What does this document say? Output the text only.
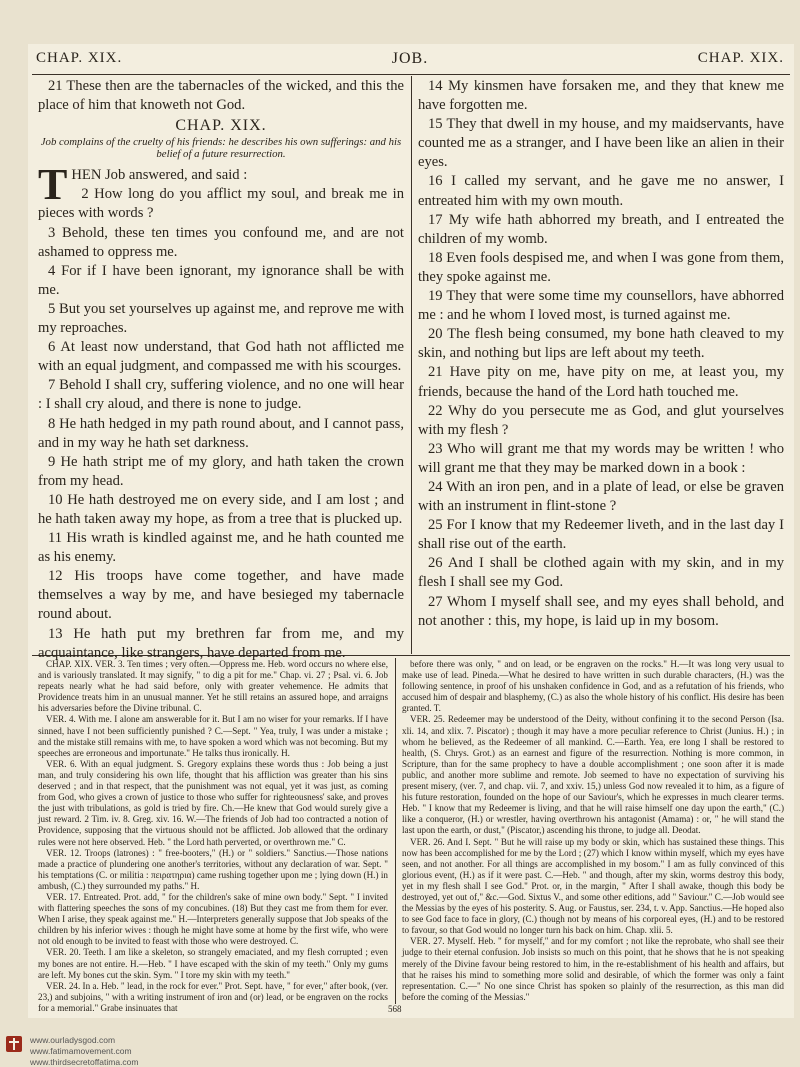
CHAP. XIX.	JOB.	CHAP. XIX.

21 These then are the tabernacles of the wicked, and this the place of him that knoweth not God.

CHAP. XIX.
Job complains of the cruelty of his friends: he describes his own sufferings: and his belief of a future resurrection.

THEN Job answered, and said :

2 How long do you afflict my soul, and break me in pieces with words ?

3 Behold, these ten times you confound me, and are not ashamed to oppress me.

4 For if I have been ignorant, my ignorance shall be with me.

5 But you set yourselves up against me, and reprove me with my reproaches.

6 At least now understand, that God hath not afflicted me with an equal judgment, and compassed me with his scourges.

7 Behold I shall cry, suffering violence, and no one will hear : I shall cry aloud, and there is none to judge.

8 He hath hedged in my path round about, and I cannot pass, and in my way he hath set darkness.

9 He hath stript me of my glory, and hath taken the crown from my head.

10 He hath destroyed me on every side, and I am lost ; and he hath taken away my hope, as from a tree that is plucked up.

11 His wrath is kindled against me, and he hath counted me as his enemy.

12 His troops have come together, and have made themselves a way by me, and have besieged my tabernacle round about.

13 He hath put my brethren far from me, and my acquaintance, like strangers, have departed from me.

14 My kinsmen have forsaken me, and they that knew me have forgotten me.

15 They that dwell in my house, and my maidservants, have counted me as a stranger, and I have been like an alien in their eyes.

16 I called my servant, and he gave me no answer, I entreated him with my own mouth.

17 My wife hath abhorred my breath, and I entreated the children of my womb.

18 Even fools despised me, and when I was gone from them, they spoke against me.

19 They that were some time my counsellors, have abhorred me : and he whom I loved most, is turned against me.

20 The flesh being consumed, my bone hath cleaved to my skin, and nothing but lips are left about my teeth.

21 Have pity on me, have pity on me, at least you, my friends, because the hand of the Lord hath touched me.

22 Why do you persecute me as God, and glut yourselves with my flesh ?

23 Who will grant me that my words may be written ! who will grant me that they may be marked down in a book :

24 With an iron pen, and in a plate of lead, or else be graven with an instrument in flint-stone ?

25 For I know that my Redeemer liveth, and in the last day I shall rise out of the earth.

26 And I shall be clothed again with my skin, and in my flesh I shall see my God.

27 Whom I myself shall see, and my eyes shall behold, and not another : this, my hope, is laid up in my bosom.

CHAP. XIX. VER. 3. Ten times ; very often.—Oppress me. Heb. word occurs no where else, and is variously translated. It may signify, " to dig a pit for me." Chap. vi. 27 ; Psal. vi. 6. Job repeats nearly what he had said before, only with greater vehemence. He admits that Providence treats him in an unusual manner. Yet he still retains an assured hope, and arraigns his adversaries before the Divine tribunal. C.

VER. 4. With me. I alone am answerable for it. But I am no wiser for your remarks. If I have sinned, have I not been sufficiently punished ? C.—Sept. " Yea, truly, I was under a mistake ; and the mistake still remains with me, to have spoken a word which was not becoming. But my speeches are erroneous and importunate." He talks thus ironically. H.

VER. 6. With an equal judgment. S. Gregory explains these words thus : Job being a just man, and truly considering his own life, thought that his affliction was greater than his sins deserved ; and in that respect, that the punishment was not equal, yet it was just, as coming from God, who gives a crown of justice to those who suffer for righteousness' sake, and proves the just with tribulations, as gold is tried by fire. Ch.—He knew that God would surely give a just reward. 2 Tim. iv. 8. Greg. xiv. 16. W.—The friends of Job had too contracted a notion of Providence, supposing that the virtuous should not be afflicted. Job allowed that the ordinary rules were not here observed. Heb. " the Lord hath perverted, or overthrown me." C.

VER. 12. Troops (latrones) : " free-booters," (H.) or " soldiers." Sanctius.—Those nations made a practice of plundering one another's territories, without any declaration of war. Sept. " his temptations (C. or militia : πειρατηρια) came rushing together upon me ; lying down (H.) in ambush, (C.) they surrounded my paths." H.

VER. 17. Entreated. Prot. add, " for the children's sake of mine own body." Sept. " I invited with flattering speeches the sons of my concubines. (18) But they cast me from them for ever. When I arise, they speak against me." H.—Interpreters generally suppose that Job speaks of the children by his inferior wives : though he might have some at home by the first wife, who were not old enough to be invited to feast with those who were destroyed. C.

VER. 20. Teeth. I am like a skeleton, so strangely emaciated, and my flesh corrupted ; even my bones are not entire. H.—Heb. " I have escaped with the skin of my teeth." Only my gums are left. My bones cut the skin. Sym. " I tore my skin with my teeth."

VER. 24. In a. Heb. " lead, in the rock for ever." Prot. Sept. have, " for ever," after book, (ver. 23,) and subjoins, " with a writing instrument of iron and (or) lead, or be engraven on the rocks for a memorial." Grabe insinuates that

before there was only, " and on lead, or be engraven on the rocks." H.—It was long very usual to make use of lead. Pineda.—What he desired to have written in such durable characters, (H.) was the following sentence, in proof of his unshaken confidence in God, and as a refutation of his friends, who accused him of despair and blasphemy, (C.) as also the whole history of his conflict. His desire has been granted. T.

VER. 25. Redeemer may be understood of the Deity, without confining it to the second Person (Isa. xli. 14, and xlix. 7. Piscator) ; though it may have a more peculiar reference to Christ (Junius. H.) ; in whom he believed, as the Redeemer of all mankind. C.—Earth. Yea, ere long I shall be restored to health, (S. Chrys. Grot.) as an earnest and figure of the resurrection. Nothing is more common, in Scripture, than for the same prophecy to have a double accomplishment ; one soon after it is made public, and another more sublime and remote. Job seemed to have no expectation of surviving his present misery, (ver. 7, and chap. vii. 7, and xxiv. 15,) unless God now revealed it to him, as a figure of his future restoration, founded on the hope of our Saviour's, which he expresses in much clearer terms. Heb. " I know that my Redeemer is living, and that he will raise himself one day upon the earth," (C.) like a conqueror, (H.) or wrestler, having overthrown his antagonist (Amama) : or, " he will stand the last upon the earth, or dust," (Piscator,) ascending his throne, to judge all. Deodat.

VER. 26. And I. Sept. " But he will raise up my body or skin, which has sustained these things. This now has been accomplished for me by the Lord ; (27) which I know within myself, which my eyes have seen, and not another. For all things are accomplished in my bosom." I am as fully convinced of this glorious event, (H.) as if it were past. C.—Heb. " and though, after my skin, worms destroy this body, yet in my flesh shall I see God." Prot. or, in the margin, " After I shall awake, though this body be destroyed, yet out of," &c.—God. Sixtus V., and some other editions, add " Saviour." C.—Job would see the Messias by the eyes of his posterity. S. Aug. or Faustus, ser. 234, t. v. App. Sanctius.—He hoped also to see God face to face in glory, (C.) though not by means of his corporeal eyes, (H.) and to be restored to favour, so that God would no longer turn his back on him. Chap. xlii. 5.

VER. 27. Myself. Heb. " for myself," and for my comfort ; not like the reprobate, who shall see their judge to their eternal confusion. Job insists so much on this point, that he shows that he is not speaking merely of the Divine favour being restored to him, in the re-establishment of his health and affairs, but that he raises his mind to something more solid and desirable, of which the former was only a faint representation. C.—" No one since Christ has spoken so plainly of the resurrection, as this man did before the coming of the Messias."

568
www.ourladysgod.com
www.fatimamovement.com
www.thirdsecretoffatima.com
